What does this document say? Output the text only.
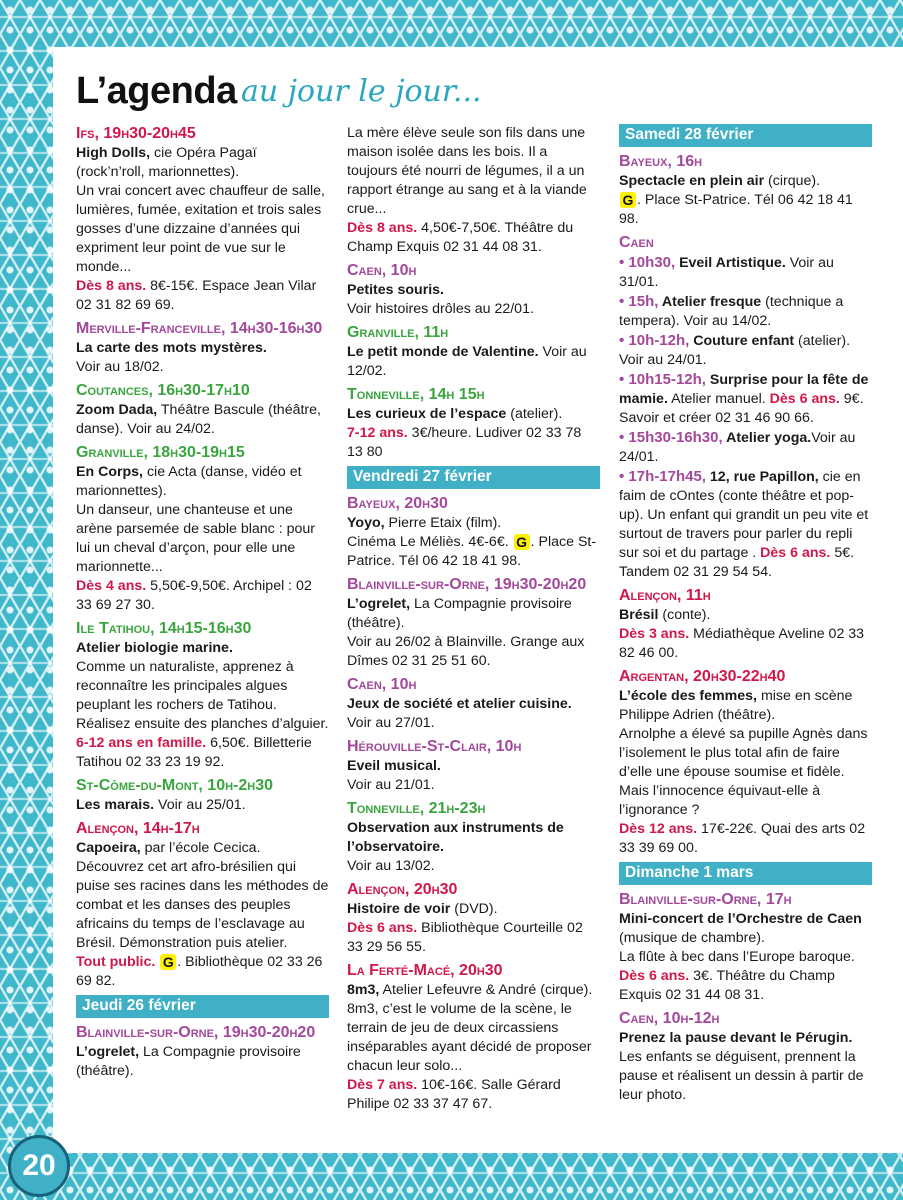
L’agenda au jour le jour...
Ifs, 19h30-20h45
High Dolls, cie Opéra Pagaï (rock’n’roll, marionnettes).
Un vrai concert avec chauffeur de salle, lumières, fumée, exitation et trois sales gosses d’une dizzaine d’années qui expriment leur point de vue sur le monde...
Dès 8 ans. 8€-15€. Espace Jean Vilar 02 31 82 69 69.
Merville-Franceville, 14h30-16h30
La carte des mots mystères.
Voir au 18/02.
Coutances, 16h30-17h10
Zoom Dada, Théâtre Bascule (théâtre, danse). Voir au 24/02.
Granville, 18h30-19h15
En Corps, cie Acta (danse, vidéo et marionnettes).
Un danseur, une chanteuse et une arène parsemée de sable blanc : pour lui un cheval d’arçon, pour elle une marionnette...
Dès 4 ans. 5,50€-9,50€. Archipel : 02 33 69 27 30.
Ile Tatihou, 14h15-16h30
Atelier biologie marine.
Comme un naturaliste, apprenez à reconnaître les principales algues peuplant les rochers de Tatihou. Réalisez ensuite des planches d’alguier.
6-12 ans en famille. 6,50€. Billetterie Tatihou 02 33 23 19 92.
St-Côme-du-Mont, 10h-2h30
Les marais. Voir au 25/01.
Alençon, 14h-17h
Capoeira, par l’école Cecica.
Découvrez cet art afro-brésilien qui puise ses racines dans les méthodes de combat et les danses des peuples africains du temps de l’esclavage au Brésil. Démonstration puis atelier.
Tout public. G . Bibliothèque 02 33 26 69 82.
Jeudi 26 février
Blainville-sur-Orne, 19h30-20h20
L’ogrelet, La Compagnie provisoire (théâtre).
La mère élève seule son fils dans une maison isolée dans les bois. Il a toujours été nourri de légumes, il a un rapport étrange au sang et à la viande crue...
Dès 8 ans. 4,50€-7,50€. Théâtre du Champ Exquis 02 31 44 08 31.
Caen, 10h
Petites souris.
Voir histoires drôles au 22/01.
Granville, 11h
Le petit monde de Valentine. Voir au 12/02.
Tonneville, 14h 15h
Les curieux de l’espace (atelier).
7-12 ans. 3€/heure. Ludiver 02 33 78 13 80
Vendredi 27 février
Bayeux, 20h30
Yoyo, Pierre Etaix (film).
Cinéma Le Méliès. 4€-6€. G . Place St-Patrice. Tél 06 42 18 41 98.
Blainville-sur-Orne, 19h30-20h20
L’ogrelet, La Compagnie provisoire (théâtre).
Voir au 26/02 à Blainville. Grange aux Dîmes 02 31 25 51 60.
Caen, 10h
Jeux de société et atelier cuisine.
Voir au 27/01.
Hérouville-St-Clair, 10h
Eveil musical.
Voir au 21/01.
Tonneville, 21h-23h
Observation aux instruments de l’observatoire.
Voir au 13/02.
Alençon, 20h30
Histoire de voir (DVD).
Dès 6 ans. Bibliothèque Courteille 02 33 29 56 55.
La Ferté-Macé, 20h30
8m3, Atelier Lefeuvre & André (cirque).
8m3, c’est le volume de la scène, le terrain de jeu de deux circassiens inséparables ayant décidé de proposer chacun leur solo...
Dès 7 ans. 10€-16€. Salle Gérard Philipe 02 33 37 47 67.
Samedi 28 février
Bayeux, 16h
Spectacle en plein air (cirque).
G . Place St-Patrice. Tél 06 42 18 41 98.
Caen
• 10h30, Eveil Artistique. Voir au 31/01.
• 15h, Atelier fresque (technique a tempera). Voir au 14/02.
• 10h-12h, Couture enfant (atelier). Voir au 24/01.
• 10h15-12h, Surprise pour la fête de mamie. Atelier manuel. Dès 6 ans. 9€. Savoir et créer 02 31 46 90 66.
• 15h30-16h30, Atelier yoga.Voir au 24/01.
• 17h-17h45, 12, rue Papillon, cie en faim de cOntes (conte théâtre et pop-up). Un enfant qui grandit un peu vite et surtout de travers pour parler du repli sur soi et du partage . Dès 6 ans. 5€. Tandem 02 31 29 54 54.
Alençon, 11h
Brésil (conte).
Dès 3 ans. Médiathèque Aveline 02 33 82 46 00.
Argentan, 20h30-22h40
L’école des femmes, mise en scène Philippe Adrien (théâtre).
Arnolphe a élevé sa pupille Agnès dans l’isolement le plus total afin de faire d’elle une épouse soumise et fidèle. Mais l’innocence équivaut-elle à l’ignorance ?
Dès 12 ans. 17€-22€. Quai des arts 02 33 39 69 00.
Dimanche 1 mars
Blainville-sur-Orne, 17h
Mini-concert de l’Orchestre de Caen (musique de chambre).
La flûte à bec dans l’Europe baroque.
Dès 6 ans. 3€. Théâtre du Champ Exquis 02 31 44 08 31.
Caen, 10h-12h
Prenez la pause devant le Pérugin.
Les enfants se déguisent, prennent la pause et réalisent un dessin à partir de leur photo.
20
